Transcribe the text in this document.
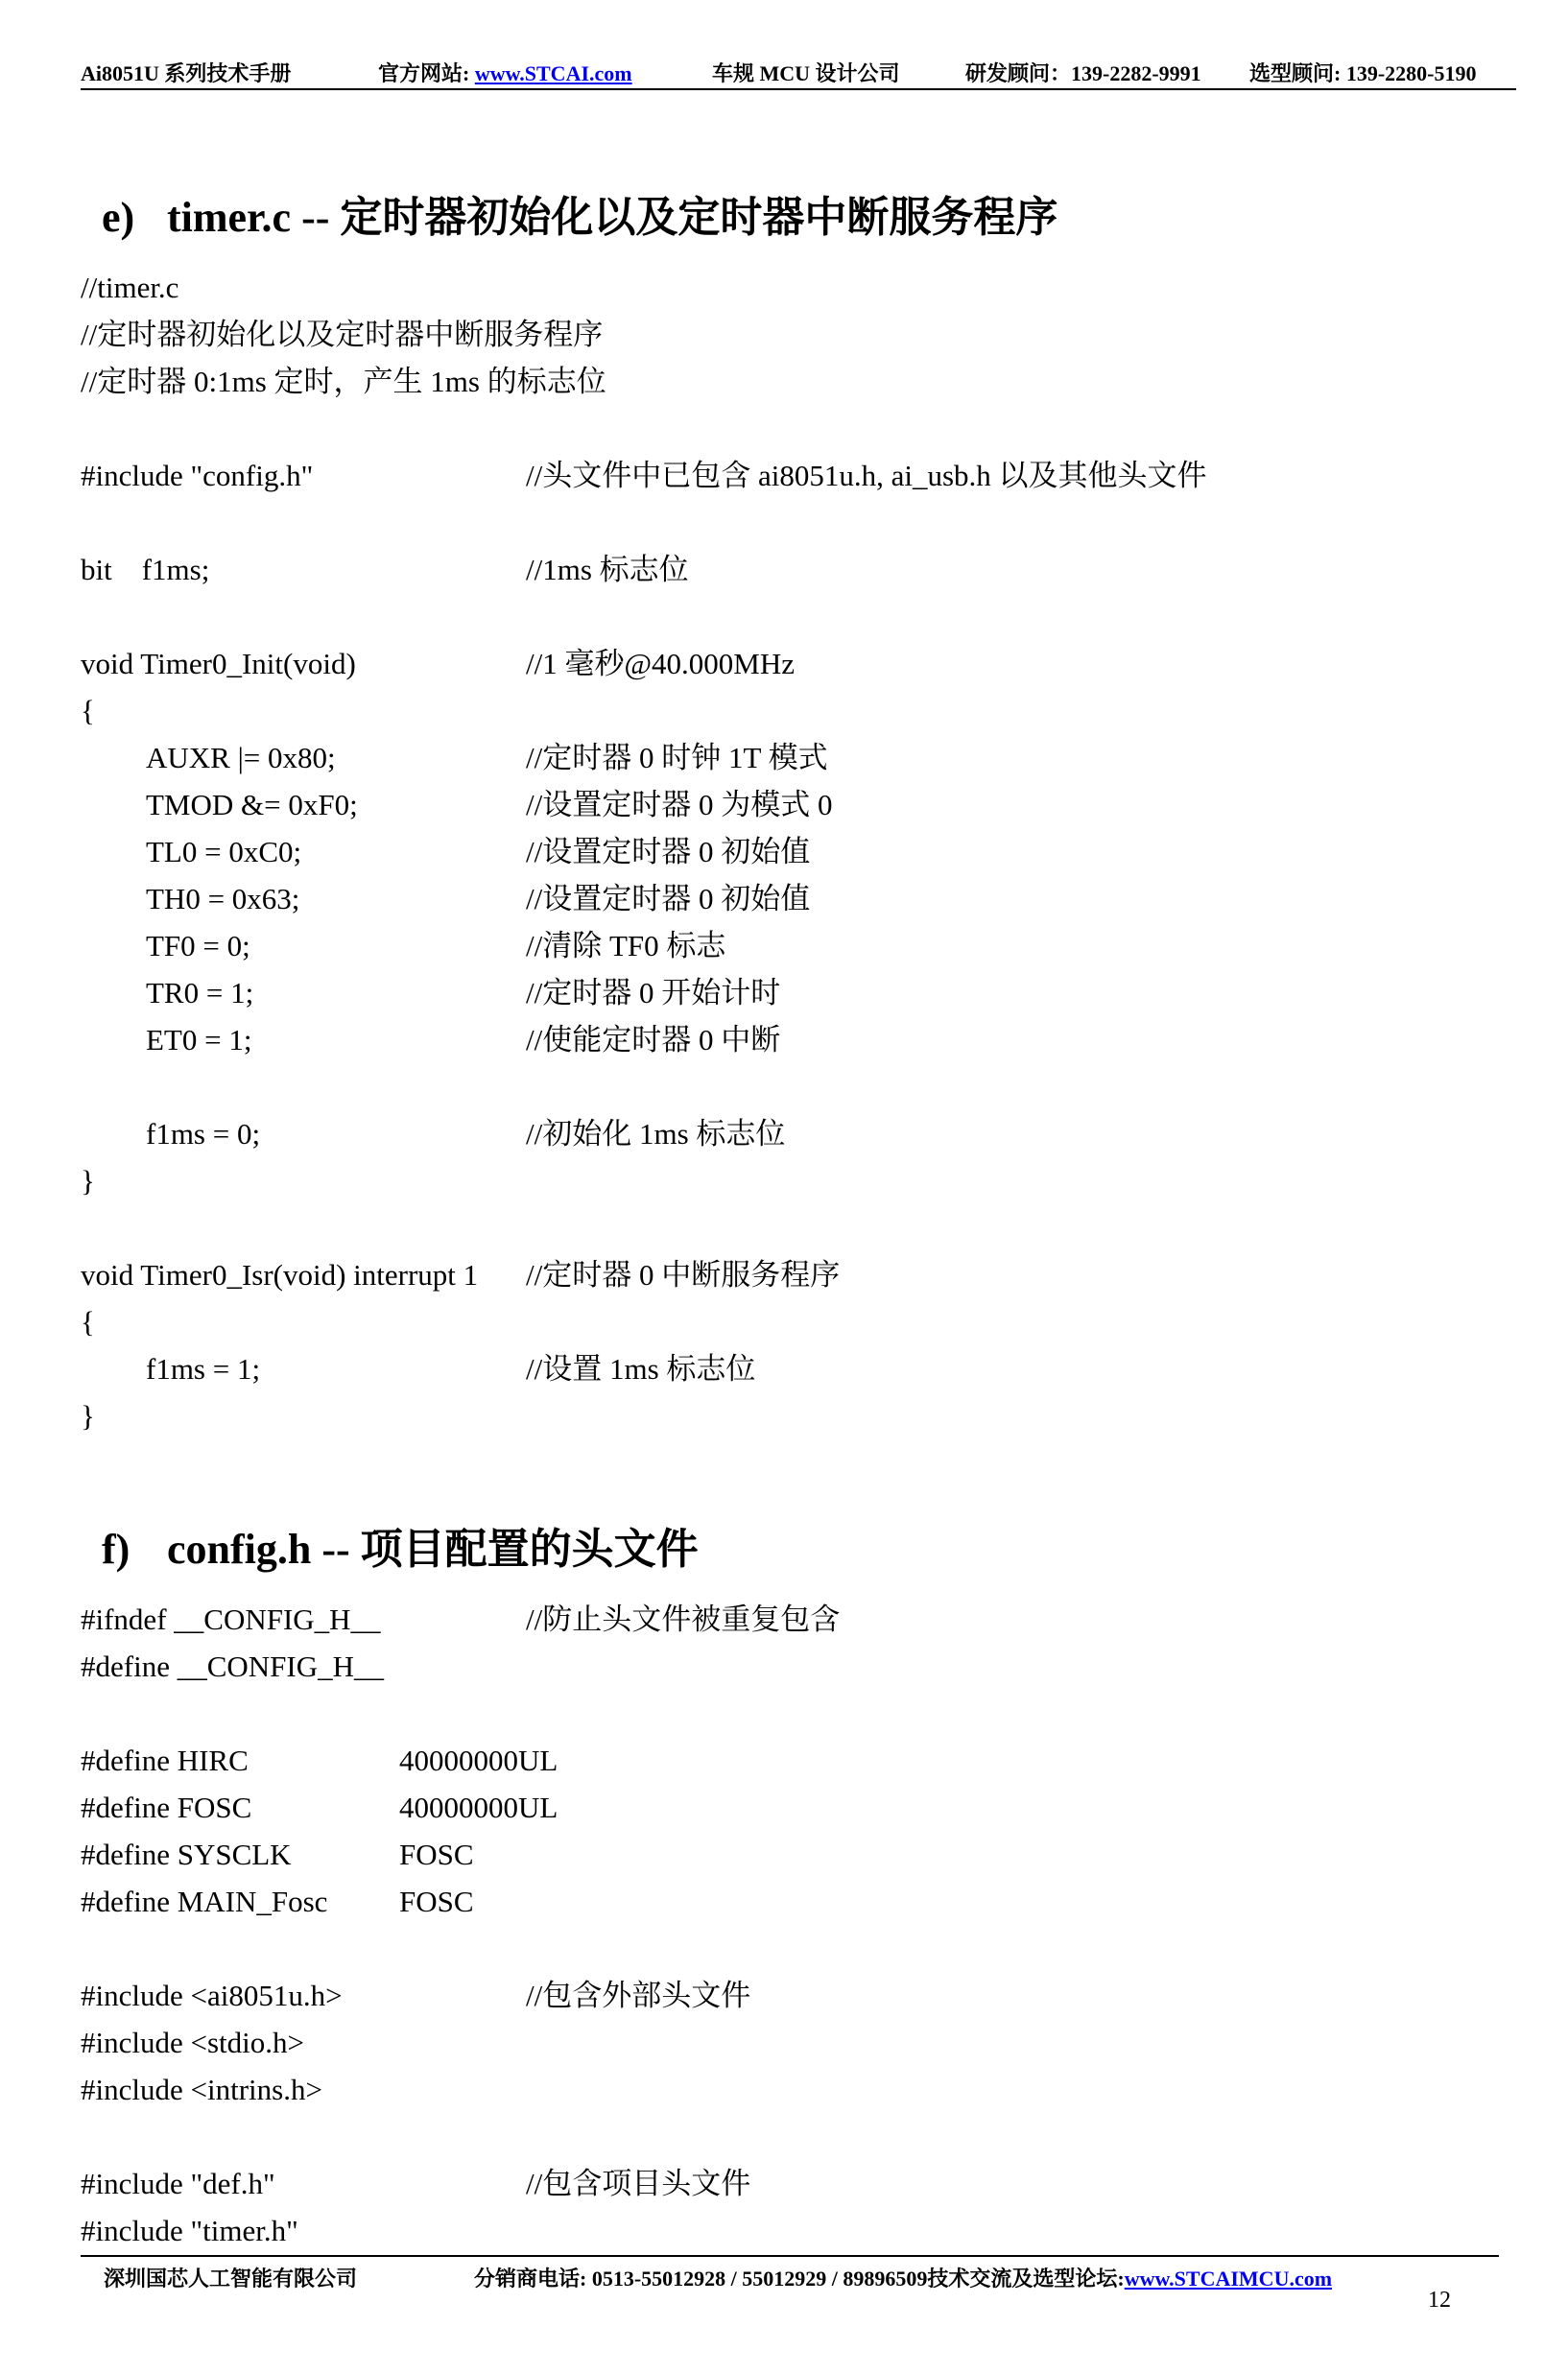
Ai8051U 系列技术手册	官方网站: www.STCAI.com	车规 MCU 设计公司	研发顾问：139-2282-9991 选型顾问: 139-2280-5190
e) timer.c -- 定时器初始化以及定时器中断服务程序
//timer.c
//定时器初始化以及定时器中断服务程序
//定时器 0:1ms 定时，产生 1ms 的标志位
#include "config.h"	//头文件中已包含 ai8051u.h, ai_usb.h 以及其他头文件
bit    f1ms;	//1ms 标志位
void Timer0_Init(void)	//1 毫秒@40.000MHz
{
AUXR |= 0x80;	//定时器 0 时钟 1T 模式
TMOD &= 0xF0;	//设置定时器 0 为模式 0
TL0 = 0xC0;	//设置定时器 0 初始值
TH0 = 0x63;	//设置定时器 0 初始值
TF0 = 0;	//清除 TF0 标志
TR0 = 1;	//定时器 0 开始计时
ET0 = 1;	//使能定时器 0 中断
f1ms = 0;	//初始化 1ms 标志位
}
void Timer0_Isr(void) interrupt 1 //定时器 0 中断服务程序
{
f1ms = 1;	//设置 1ms 标志位
}
f) config.h -- 项目配置的头文件
#ifndef __CONFIG_H__	//防止头文件被重复包含
#define __CONFIG_H__
#define HIRC	40000000UL
#define FOSC	40000000UL
#define SYSCLK	FOSC
#define MAIN_Fosc FOSC
#include <ai8051u.h>	//包含外部头文件
#include <stdio.h>
#include <intrins.h>
#include "def.h"	//包含项目头文件
#include "timer.h"
深圳国芯人工智能有限公司	分销商电话: 0513-55012928 / 55012929 / 89896509技术交流及选型论坛:www.STCAIMCU.com
12
